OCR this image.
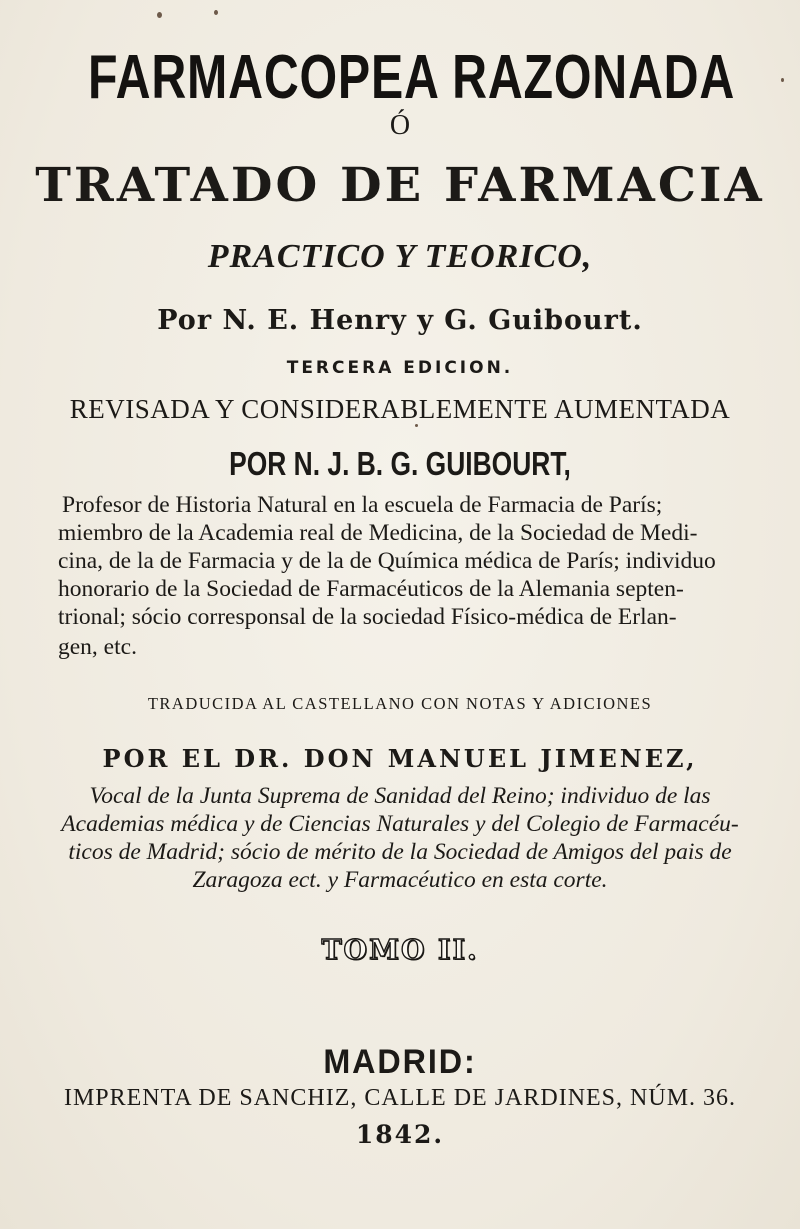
FARMACOPEA RAZONADA
Ó
TRATADO DE FARMACIA
PRACTICO Y TEORICO,
Por N. E. Henry y G. Guibourt.
TERCERA EDICION.
REVISADA Y CONSIDERABLEMENTE AUMENTADA
POR N. J. B. G. GUIBOURT,
Profesor de Historia Natural en la escuela de Farmacia de París;
miembro de la Academia real de Medicina, de la Sociedad de Medi-
cina, de la de Farmacia y de la de Química médica de París; individuo
honorario de la Sociedad de Farmacéuticos de la Alemania septen-
trional; sócio corresponsal de la sociedad Físico-médica de Erlan-
gen, etc.
TRADUCIDA AL CASTELLANO CON NOTAS Y ADICIONES
POR EL DR. DON MANUEL JIMENEZ,
Vocal de la Junta Suprema de Sanidad del Reino; individuo de las
Academias médica y de Ciencias Naturales y del Colegio de Farmacéu-
ticos de Madrid; sócio de mérito de la Sociedad de Amigos del pais de
Zaragoza ect. y Farmacéutico en esta corte.
TOMO II.
MADRID:
IMPRENTA DE SANCHIZ, CALLE DE JARDINES, NÚM. 36.
1842.
